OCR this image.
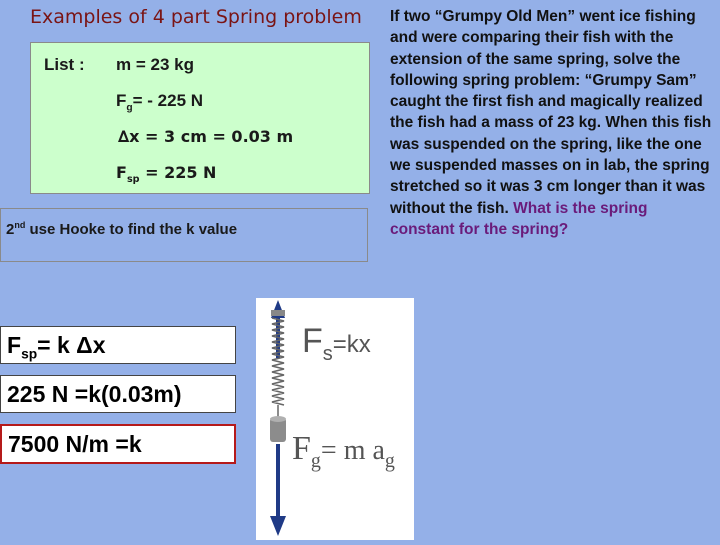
Examples of 4 part Spring problem
List : m = 23 kg
$F_g= - 225$ N
∆x = 3 cm = 0.03 m
$F_{sp} = 225$ N
2nd use Hooke to find the k value
$F_{sp}= k$ Δx
225 N =k(0.03m)
7500 N/m =k
If two “Grumpy Old Men” went ice fishing and were comparing their fish with the extension of the same spring, solve the following spring problem: “Grumpy Sam” caught the first fish and magically realized the fish had a mass of 23 kg. When this fish was suspended on the spring, like the one we suspended masses on in lab, the spring stretched so it was 3 cm longer than it was without the fish. What is the spring constant for the spring?
$F_s=kx$
$F_g= m$ $a_g$
